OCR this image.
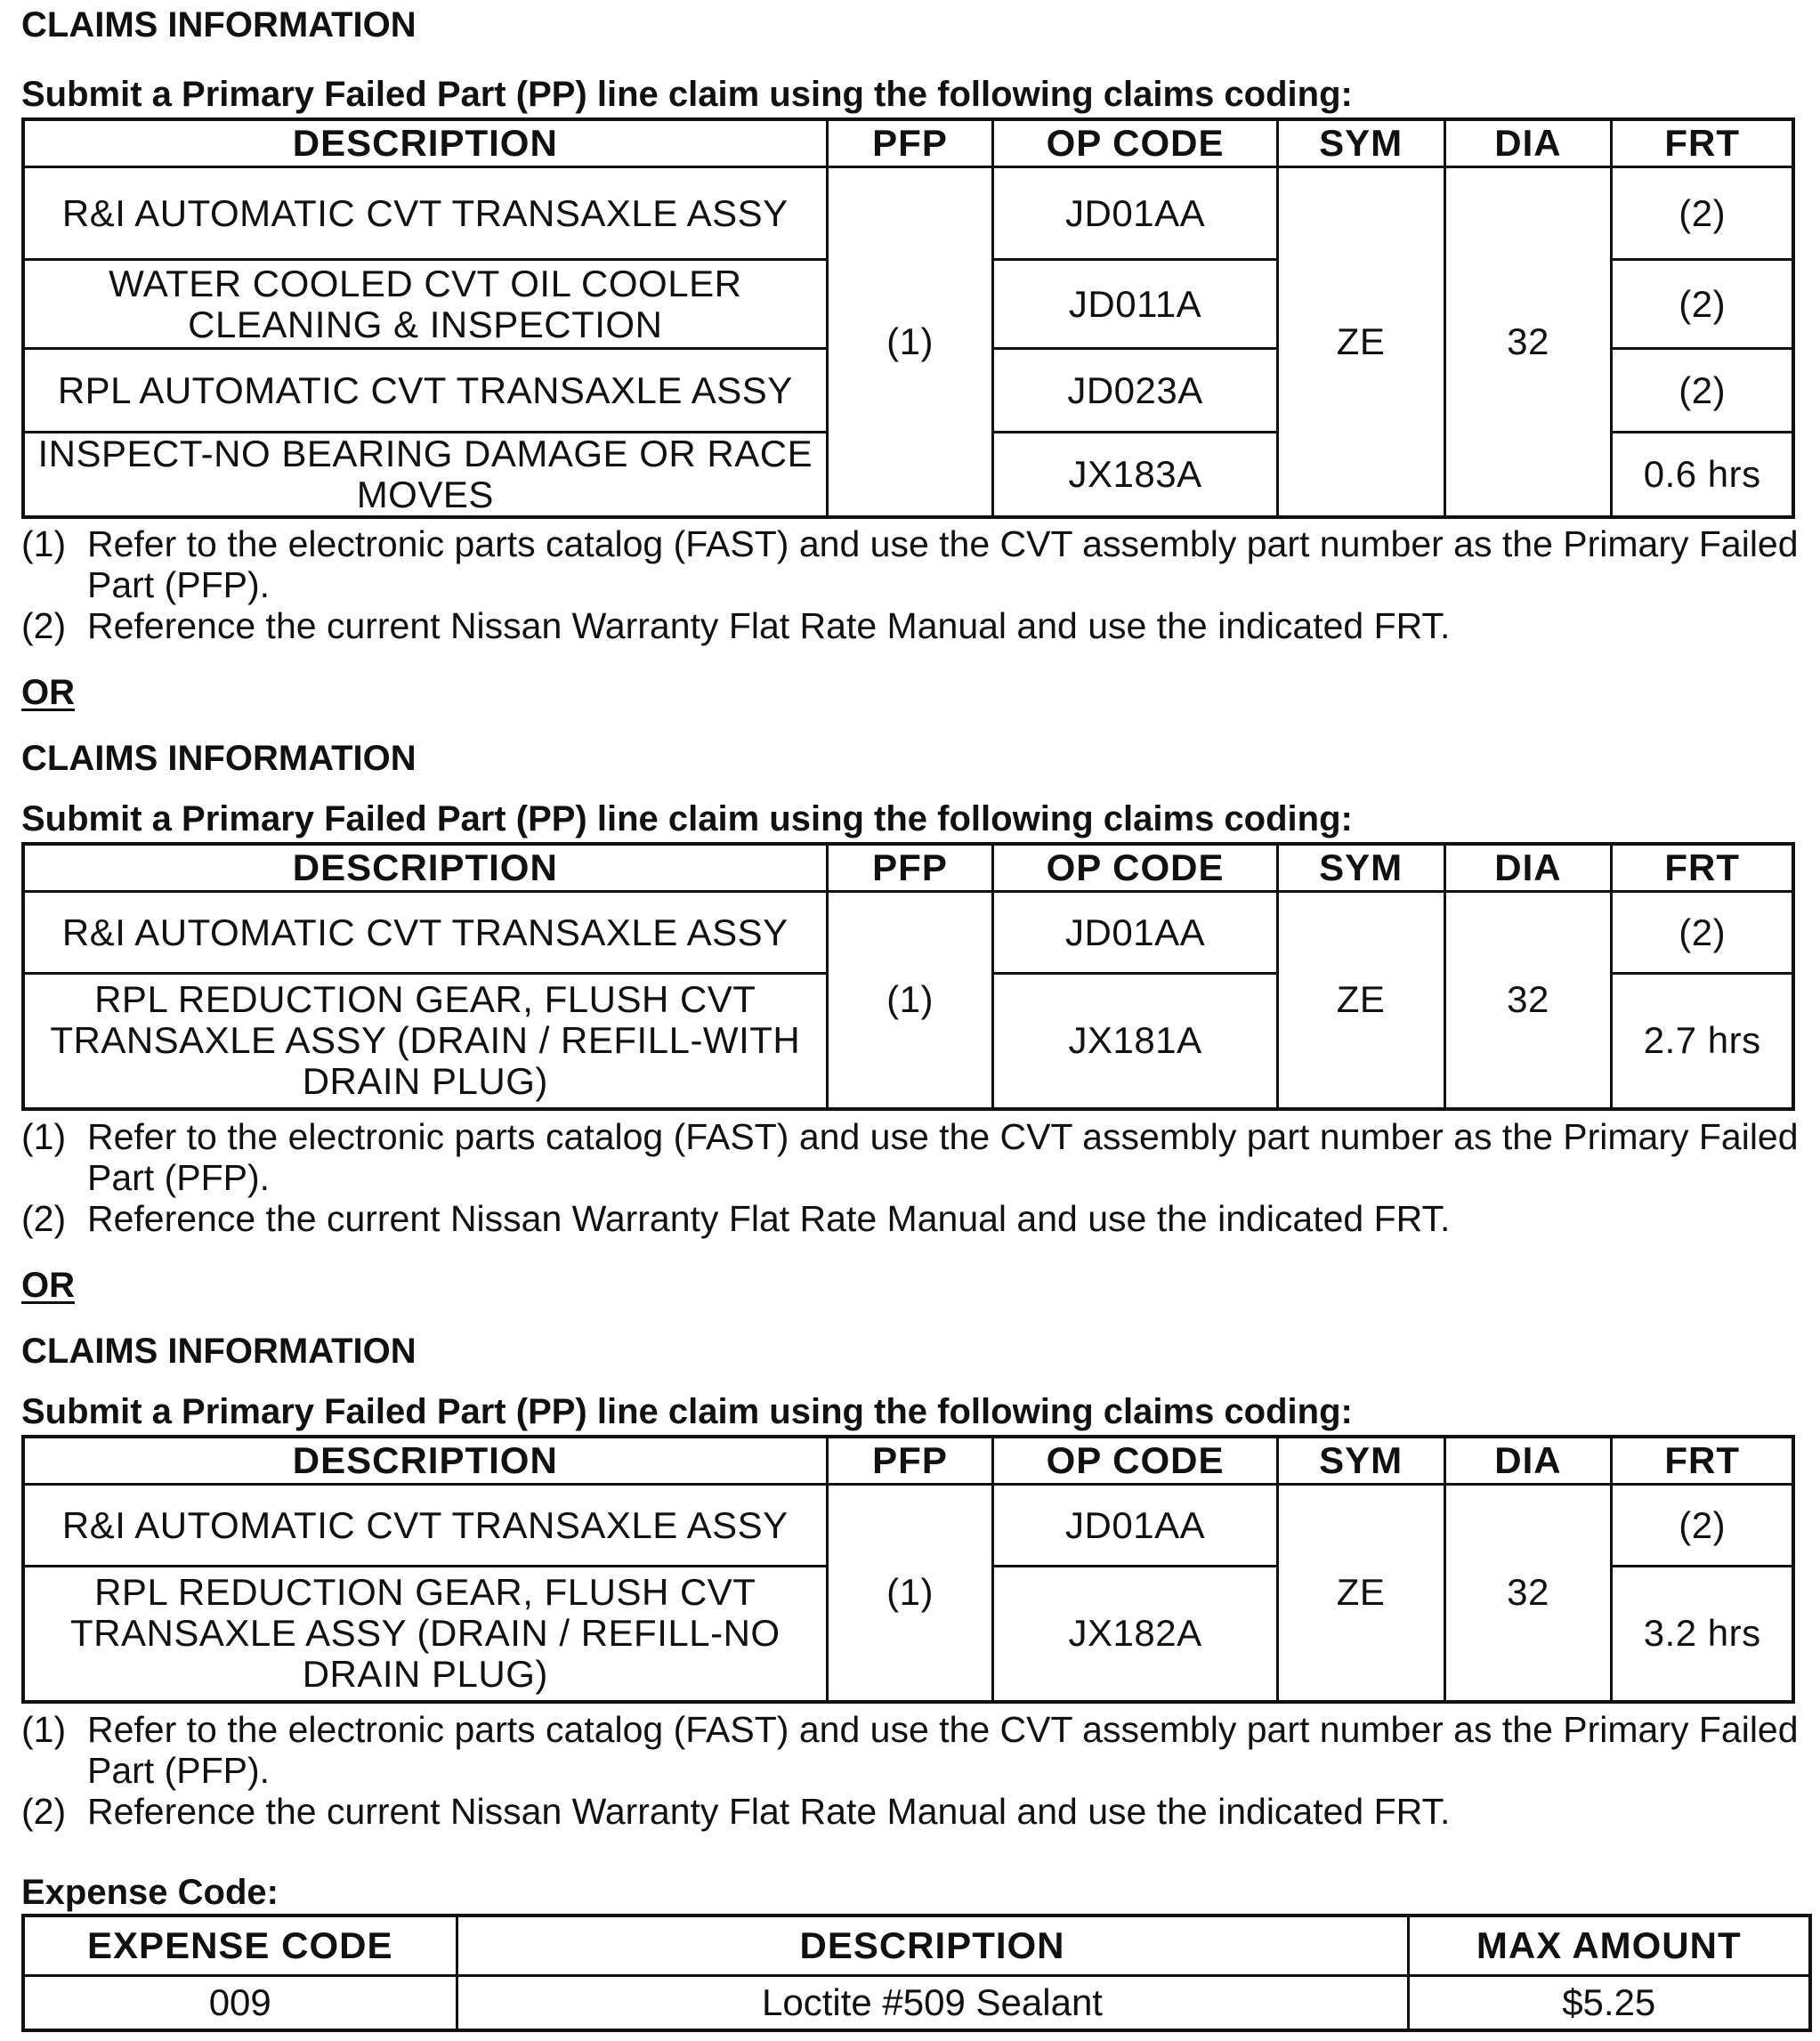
CLAIMS INFORMATION
Submit a Primary Failed Part (PP) line claim using the following claims coding:
DESCRIPTION	PFP	OP CODE	SYM	DIA	FRT
R&I AUTOMATIC CVT TRANSAXLE ASSY	(1)	JD01AA	ZE	32	(2)
WATER COOLED CVT OIL COOLER CLEANING & INSPECTION		JD011A			(2)
RPL AUTOMATIC CVT TRANSAXLE ASSY		JD023A			(2)
INSPECT-NO BEARING DAMAGE OR RACE MOVES		JX183A			0.6 hrs
(1) Refer to the electronic parts catalog (FAST) and use the CVT assembly part number as the Primary Failed Part (PFP).
(2) Reference the current Nissan Warranty Flat Rate Manual and use the indicated FRT.
OR
CLAIMS INFORMATION
Submit a Primary Failed Part (PP) line claim using the following claims coding:
DESCRIPTION	PFP	OP CODE	SYM	DIA	FRT
R&I AUTOMATIC CVT TRANSAXLE ASSY	(1)	JD01AA	ZE	32	(2)
RPL REDUCTION GEAR, FLUSH CVT TRANSAXLE ASSY (DRAIN / REFILL-WITH DRAIN PLUG)		JX181A			2.7 hrs
(1) Refer to the electronic parts catalog (FAST) and use the CVT assembly part number as the Primary Failed Part (PFP).
(2) Reference the current Nissan Warranty Flat Rate Manual and use the indicated FRT.
OR
CLAIMS INFORMATION
Submit a Primary Failed Part (PP) line claim using the following claims coding:
DESCRIPTION	PFP	OP CODE	SYM	DIA	FRT
R&I AUTOMATIC CVT TRANSAXLE ASSY	(1)	JD01AA	ZE	32	(2)
RPL REDUCTION GEAR, FLUSH CVT TRANSAXLE ASSY (DRAIN / REFILL-NO DRAIN PLUG)		JX182A			3.2 hrs
(1) Refer to the electronic parts catalog (FAST) and use the CVT assembly part number as the Primary Failed Part (PFP).
(2) Reference the current Nissan Warranty Flat Rate Manual and use the indicated FRT.
Expense Code:
EXPENSE CODE	DESCRIPTION	MAX AMOUNT
009	Loctite #509 Sealant	$5.25
